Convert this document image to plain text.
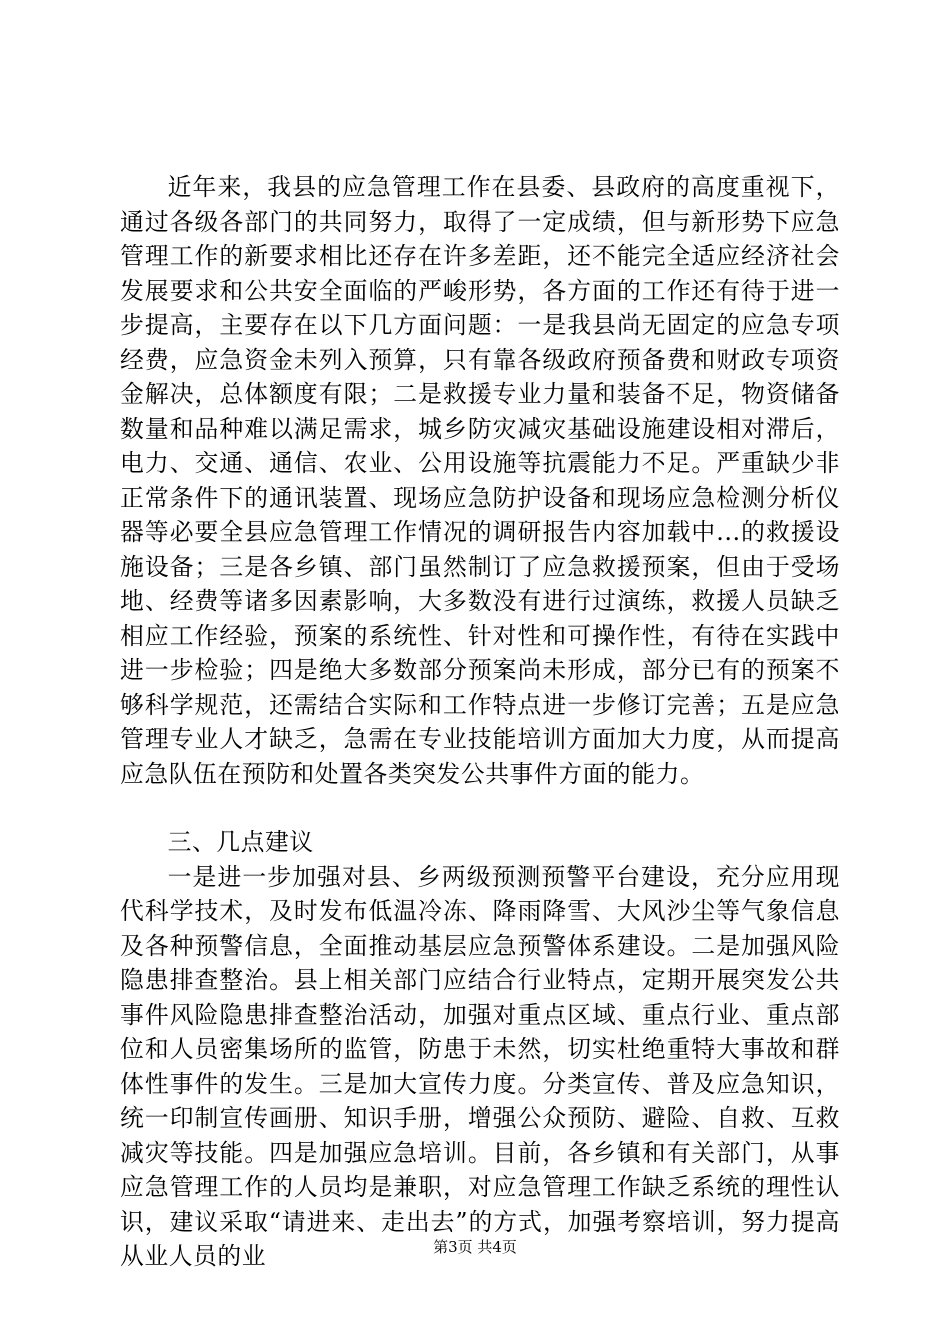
近年来，我县的应急管理工作在县委、县政府的高度重视下，通过各级各部门的共同努力，取得了一定成绩，但与新形势下应急管理工作的新要求相比还存在许多差距，还不能完全适应经济社会发展要求和公共安全面临的严峻形势，各方面的工作还有待于进一步提高，主要存在以下几方面问题：一是我县尚无固定的应急专项经费，应急资金未列入预算，只有靠各级政府预备费和财政专项资金解决，总体额度有限；二是救援专业力量和装备不足，物资储备数量和品种难以满足需求，城乡防灾减灾基础设施建设相对滞后，电力、交通、通信、农业、公用设施等抗震能力不足。严重缺少非正常条件下的通讯装置、现场应急防护设备和现场应急检测分析仪器等必要全县应急管理工作情况的调研报告内容加载中...的救援设施设备；三是各乡镇、部门虽然制订了应急救援预案，但由于受场地、经费等诸多因素影响，大多数没有进行过演练，救援人员缺乏相应工作经验，预案的系统性、针对性和可操作性，有待在实践中进一步检验；四是绝大多数部分预案尚未形成，部分已有的预案不够科学规范，还需结合实际和工作特点进一步修订完善；五是应急管理专业人才缺乏，急需在专业技能培训方面加大力度，从而提高应急队伍在预防和处置各类突发公共事件方面的能力。

三、几点建议

一是进一步加强对县、乡两级预测预警平台建设，充分应用现代科学技术，及时发布低温冷冻、降雨降雪、大风沙尘等气象信息及各种预警信息，全面推动基层应急预警体系建设。二是加强风险隐患排查整治。县上相关部门应结合行业特点，定期开展突发公共事件风险隐患排查整治活动，加强对重点区域、重点行业、重点部位和人员密集场所的监管，防患于未然，切实杜绝重特大事故和群体性事件的发生。三是加大宣传力度。分类宣传、普及应急知识，统一印制宣传画册、知识手册，增强公众预防、避险、自救、互救减灾等技能。四是加强应急培训。目前，各乡镇和有关部门，从事应急管理工作的人员均是兼职，对应急管理工作缺乏系统的理性认识，建议采取“请进来、走出去”的方式，加强考察培训，努力提高从业人员的业	第3页 共4页
